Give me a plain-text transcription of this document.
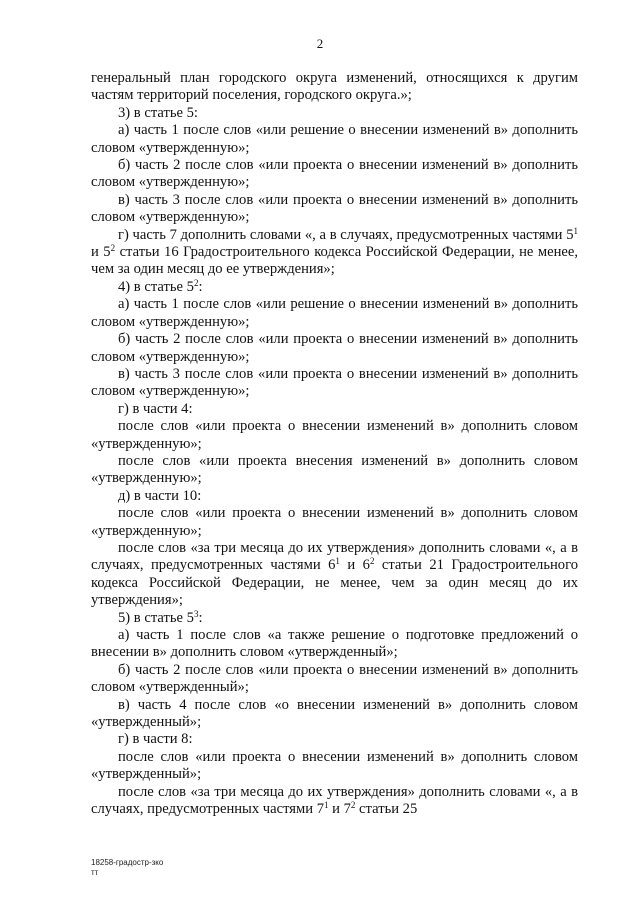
2

генеральный план городского округа изменений, относящихся к другим частям территорий поселения, городского округа.»;

3) в статье 5:

а) часть 1 после слов «или решение о внесении изменений в» дополнить словом «утвержденную»;

б) часть 2 после слов «или проекта о внесении изменений в» дополнить словом «утвержденную»;

в) часть 3 после слов «или проекта о внесении изменений в» дополнить словом «утвержденную»;

г) часть 7 дополнить словами «, а в случаях, предусмотренных частями $5^1$ и $5^2$ статьи 16 Градостроительного кодекса Российской Федерации, не менее, чем за один месяц до ее утверждения»;

4) в статье $5^2$:

а) часть 1 после слов «или решение о внесении изменений в» дополнить словом «утвержденную»;

б) часть 2 после слов «или проекта о внесении изменений в» дополнить словом «утвержденную»;

в) часть 3 после слов «или проекта о внесении изменений в» дополнить словом «утвержденную»;

г) в части 4:

после слов «или проекта о внесении изменений в» дополнить словом «утвержденную»;

после слов «или проекта внесения изменений в» дополнить словом «утвержденную»;

д) в части 10:

после слов «или проекта о внесении изменений в» дополнить словом «утвержденную»;

после слов «за три месяца до их утверждения» дополнить словами «, а в случаях, предусмотренных частями $6^1$ и $6^2$ статьи 21 Градостроительного кодекса Российской Федерации, не менее, чем за один месяц до их утверждения»;

5) в статье $5^3$:

а) часть 1 после слов «а также решение о подготовке предложений о внесении в» дополнить словом «утвержденный»;

б) часть 2 после слов «или проекта о внесении изменений в» дополнить словом «утвержденный»;

в) часть 4 после слов «о внесении изменений в» дополнить словом «утвержденный»;

г) в части 8:

после слов «или проекта о внесении изменений в» дополнить словом «утвержденный»;

после слов «за три месяца до их утверждения» дополнить словами «, а в случаях, предусмотренных частями $7^1$ и $7^2$ статьи 25

18258-градостр-зко
тт
